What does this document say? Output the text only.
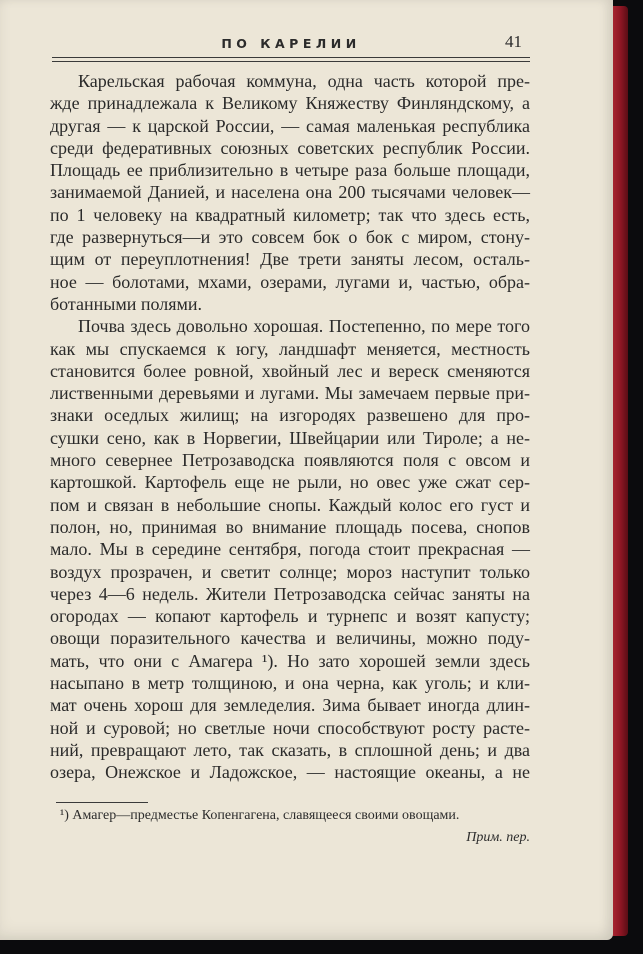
ПО КАРЕЛИИ	41
Карельская рабочая коммуна, одна часть которой пре-
жде принадлежала к Великому Княжеству Финляндскому, а
другая — к царской России, — самая маленькая республика
среди федеративных союзных советских республик России.
Площадь ее приблизительно в четыре раза больше площади,
занимаемой Данией, и населена она 200 тысячами человек—
по 1 человеку на квадратный километр; так что здесь есть,
где развернуться—и это совсем бок о бок с миром, стону-
щим от переуплотнения! Две трети заняты лесом, осталь-
ное — болотами, мхами, озерами, лугами и, частью, обра-
ботанными полями.
Почва здесь довольно хорошая. Постепенно, по мере того
как мы спускаемся к югу, ландшафт меняется, местность
становится более ровной, хвойный лес и вереск сменяются
лиственными деревьями и лугами. Мы замечаем первые при-
знаки оседлых жилищ; на изгородях развешено для про-
сушки сено, как в Норвегии, Швейцарии или Тироле; а не-
много севернее Петрозаводска появляются поля с овсом и
картошкой. Картофель еще не рыли, но овес уже сжат сер-
пом и связан в небольшие снопы. Каждый колос его густ и
полон, но, принимая во внимание площадь посева, снопов
мало. Мы в середине сентября, погода стоит прекрасная —
воздух прозрачен, и светит солнце; мороз наступит только
через 4—6 недель. Жители Петрозаводска сейчас заняты на
огородах — копают картофель и турнепс и возят капусту;
овощи поразительного качества и величины, можно поду-
мать, что они с Амагера ¹). Но зато хорошей земли здесь
насыпано в метр толщиною, и она черна, как уголь; и кли-
мат очень хорош для земледелия. Зима бывает иногда длин-
ной и суровой; но светлые ночи способствуют росту расте-
ний, превращают лето, так сказать, в сплошной день; и два
озера, Онежское и Ладожское, — настоящие океаны, а не
¹) Амагер—предместье Копенгагена, славящееся своими овощами.
Прим. пер.
